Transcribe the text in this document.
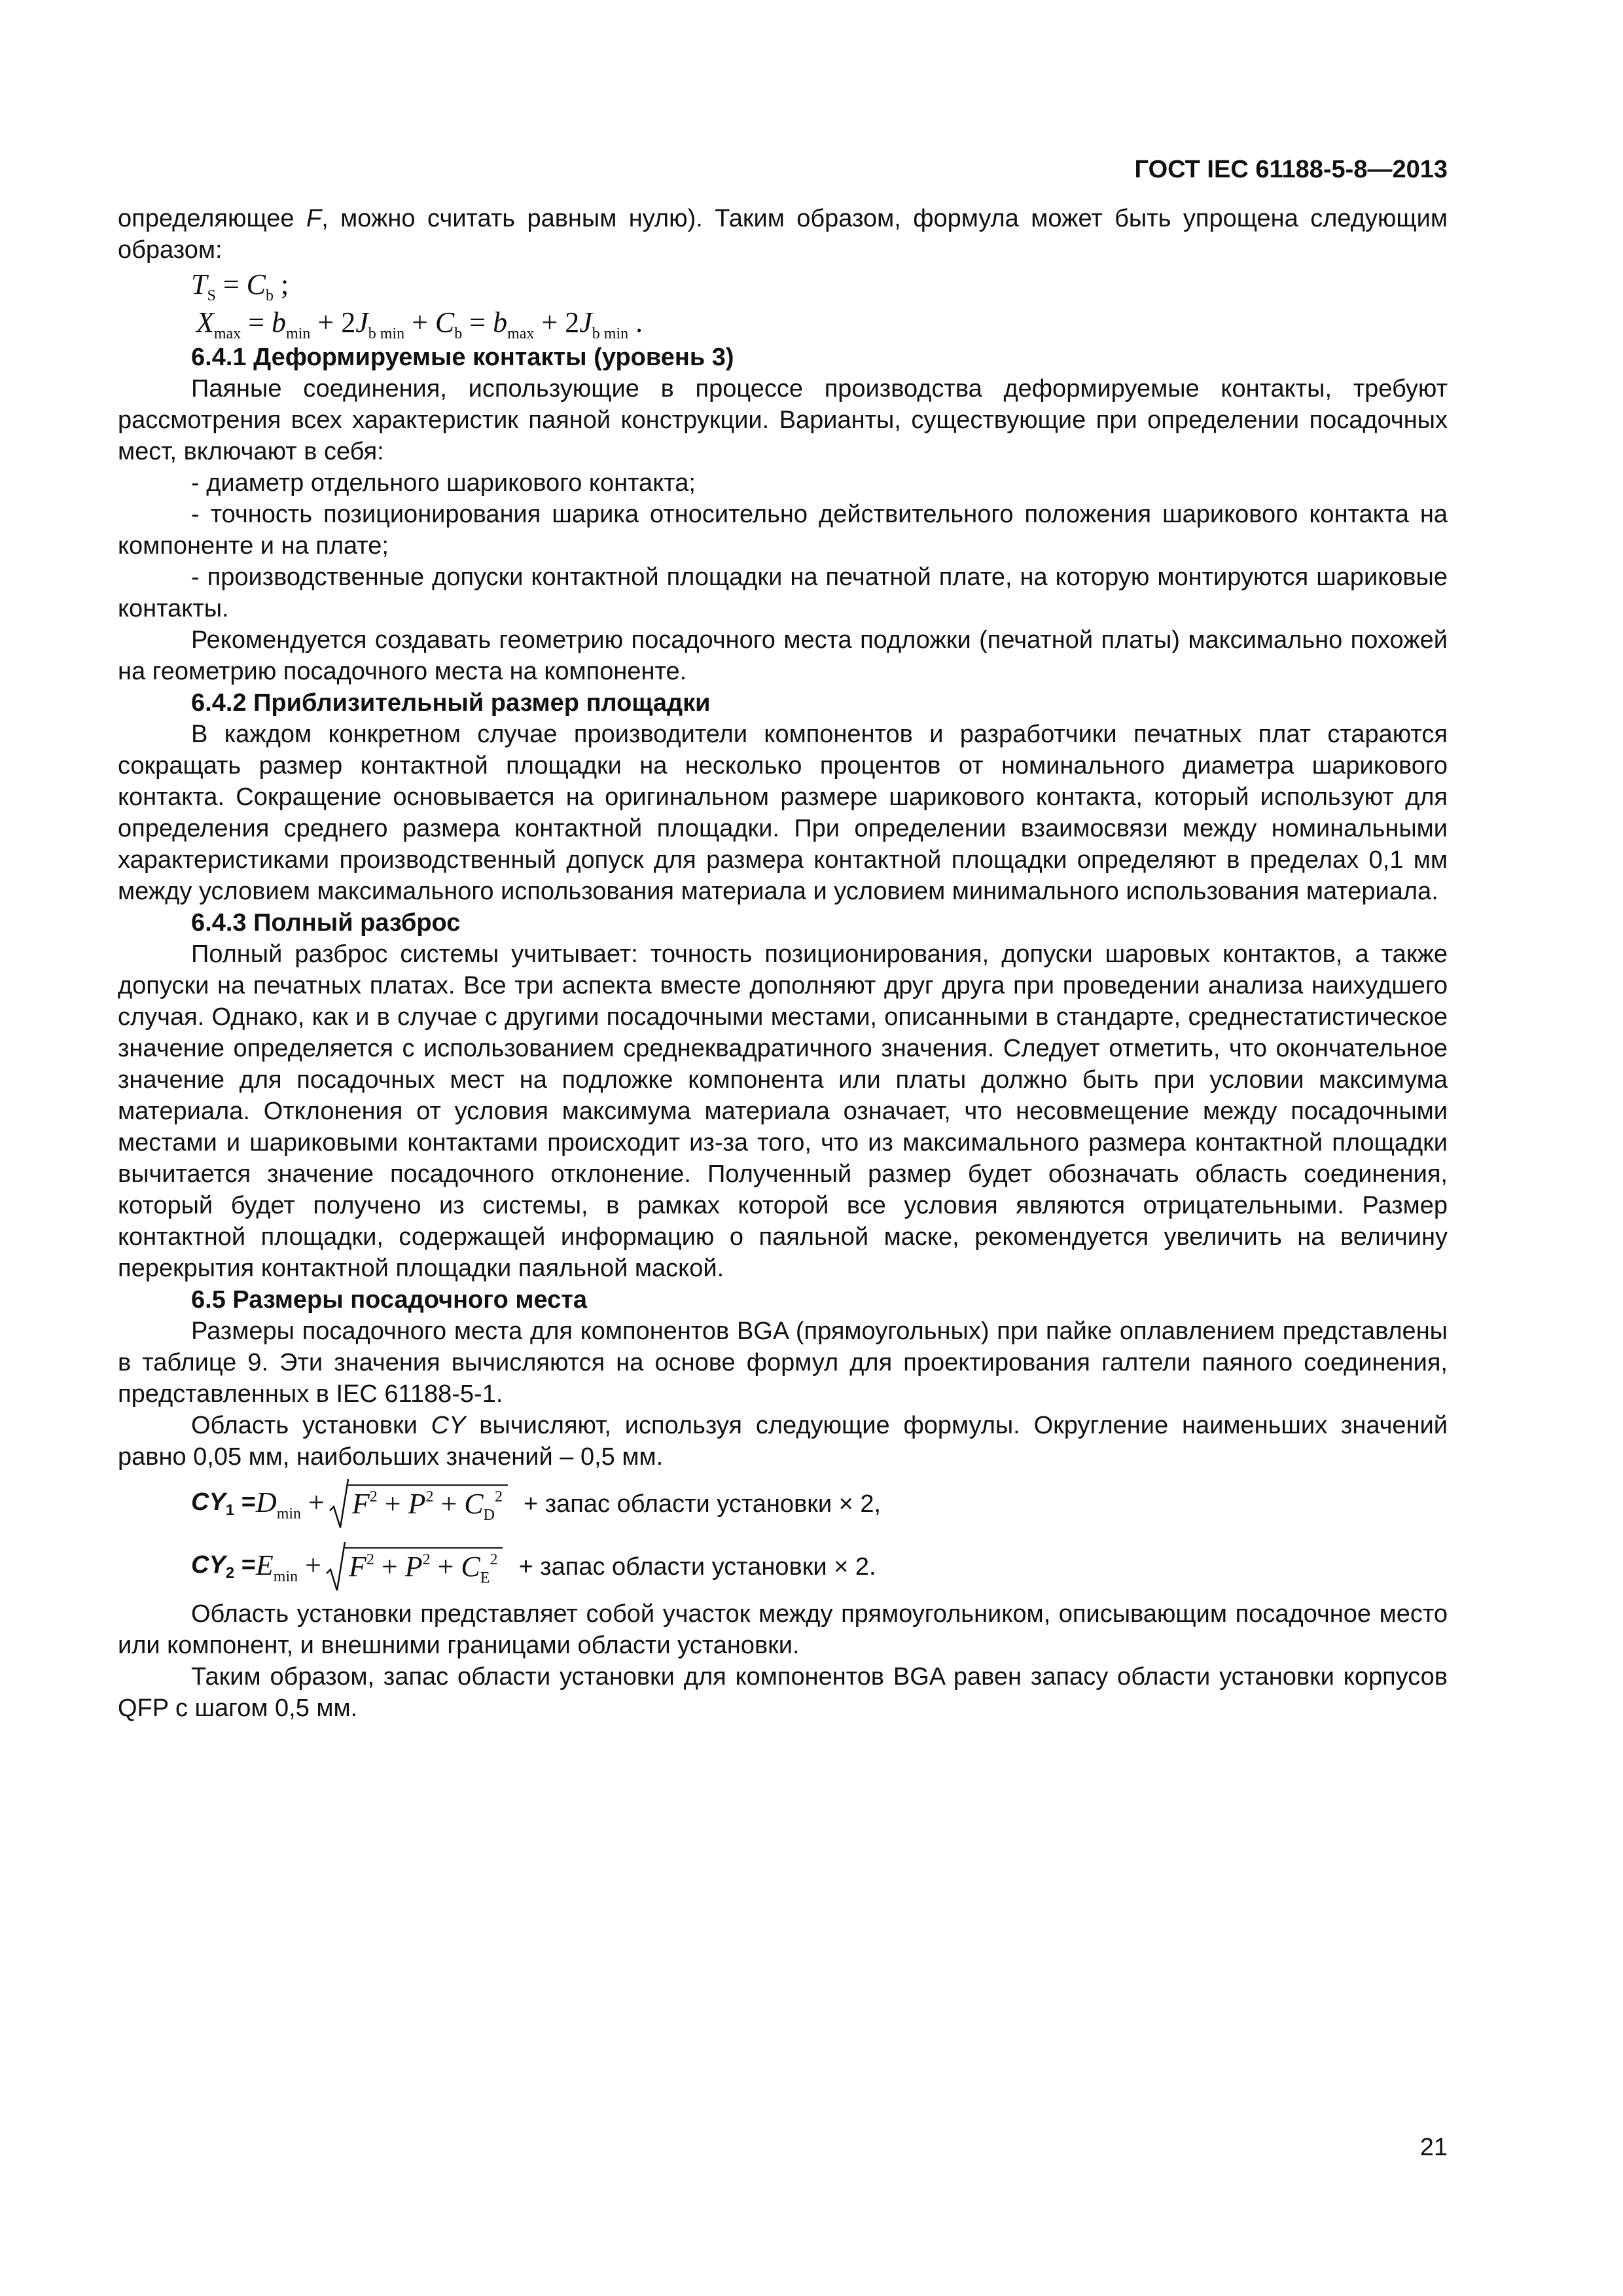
ГОСТ IEC 61188-5-8—2013

определяющее F, можно считать равным нулю). Таким образом, формула может быть упрощена следующим образом:

$T_S = C_b$ ;
$X_{max} = b_{min} + 2J_{b min} + C_b = b_{max} + 2J_{b min}$ .

6.4.1 Деформируемые контакты (уровень 3)

Паяные соединения, использующие в процессе производства деформируемые контакты, требуют рассмотрения всех характеристик паяной конструкции. Варианты, существующие при определении посадочных мест, включают в себя:

- диаметр отдельного шарикового контакта;

- точность позиционирования шарика относительно действительного положения шарикового контакта на компоненте и на плате;

- производственные допуски контактной площадки на печатной плате, на которую монтируются шариковые контакты.

Рекомендуется создавать геометрию посадочного места подложки (печатной платы) максимально похожей на геометрию посадочного места на компоненте.

6.4.2 Приблизительный размер площадки

В каждом конкретном случае производители компонентов и разработчики печатных плат стараются сокращать размер контактной площадки на несколько процентов от номинального диаметра шарикового контакта. Сокращение основывается на оригинальном размере шарикового контакта, который используют для определения среднего размера контактной площадки. При определении взаимосвязи между номинальными характеристиками производственный допуск для размера контактной площадки определяют в пределах 0,1 мм между условием максимального использования материала и условием минимального использования материала.

6.4.3 Полный разброс

Полный разброс системы учитывает: точность позиционирования, допуски шаровых контактов, а также допуски на печатных платах. Все три аспекта вместе дополняют друг друга при проведении анализа наихудшего случая. Однако, как и в случае с другими посадочными местами, описанными в стандарте, среднестатистическое значение определяется с использованием среднеквадратичного значения. Следует отметить, что окончательное значение для посадочных мест на подложке компонента или платы должно быть при условии максимума материала. Отклонения от условия максимума материала означает, что несовмещение между посадочными местами и шариковыми контактами происходит из-за того, что из максимального размера контактной площадки вычитается значение посадочного отклонение. Полученный размер будет обозначать область соединения, который будет получено из системы, в рамках которой все условия являются отрицательными. Размер контактной площадки, содержащей информацию о паяльной маске, рекомендуется увеличить на величину перекрытия контактной площадки паяльной маской.

6.5 Размеры посадочного места

Размеры посадочного места для компонентов BGA (прямоугольных) при пайке оплавлением представлены в таблице 9. Эти значения вычисляются на основе формул для проектирования галтели паяного соединения, представленных в IEC 61188-5-1.

Область установки CY вычисляют, используя следующие формулы. Округление наименьших значений равно 0,05 мм, наибольших значений – 0,5 мм.

$CY_1 = D_{min} + F^2 + P^2 + C_D^2$ + запас области установки × 2,
$CY_2 = E_{min} + F^2 + P^2 + C_E^2$ + запас области установки × 2.

Область установки представляет собой участок между прямоугольником, описывающим посадочное место или компонент, и внешними границами области установки.

Таким образом, запас области установки для компонентов BGA равен запасу области установки корпусов QFP с шагом 0,5 мм.

21
